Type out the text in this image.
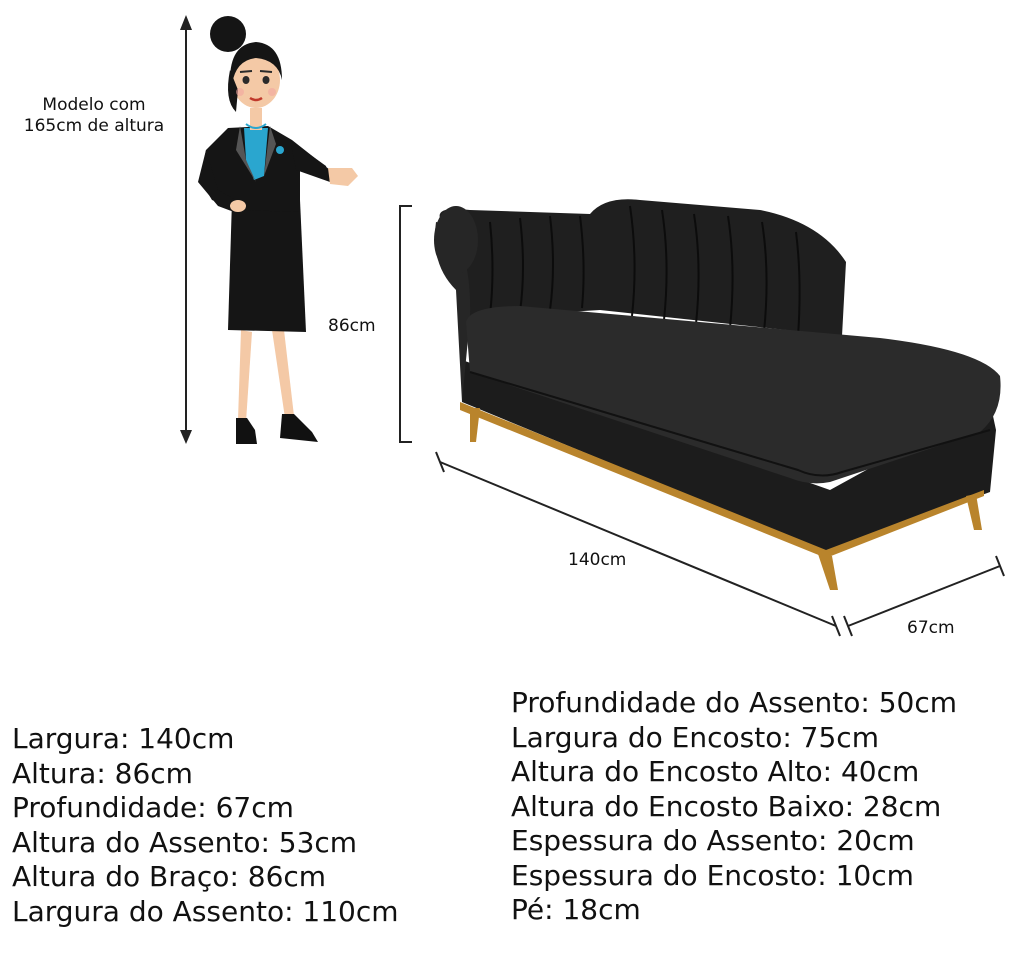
Modelo com
165cm de altura
86cm
140cm
67cm
Largura: 140cm
Altura: 86cm
Profundidade: 67cm
Altura do Assento: 53cm
Altura do Braço: 86cm
Largura do Assento: 110cm
Profundidade do Assento: 50cm
Largura do Encosto: 75cm
Altura do Encosto Alto: 40cm
Altura do Encosto Baixo: 28cm
Espessura do Assento: 20cm
Espessura do Encosto: 10cm
Pé: 18cm
